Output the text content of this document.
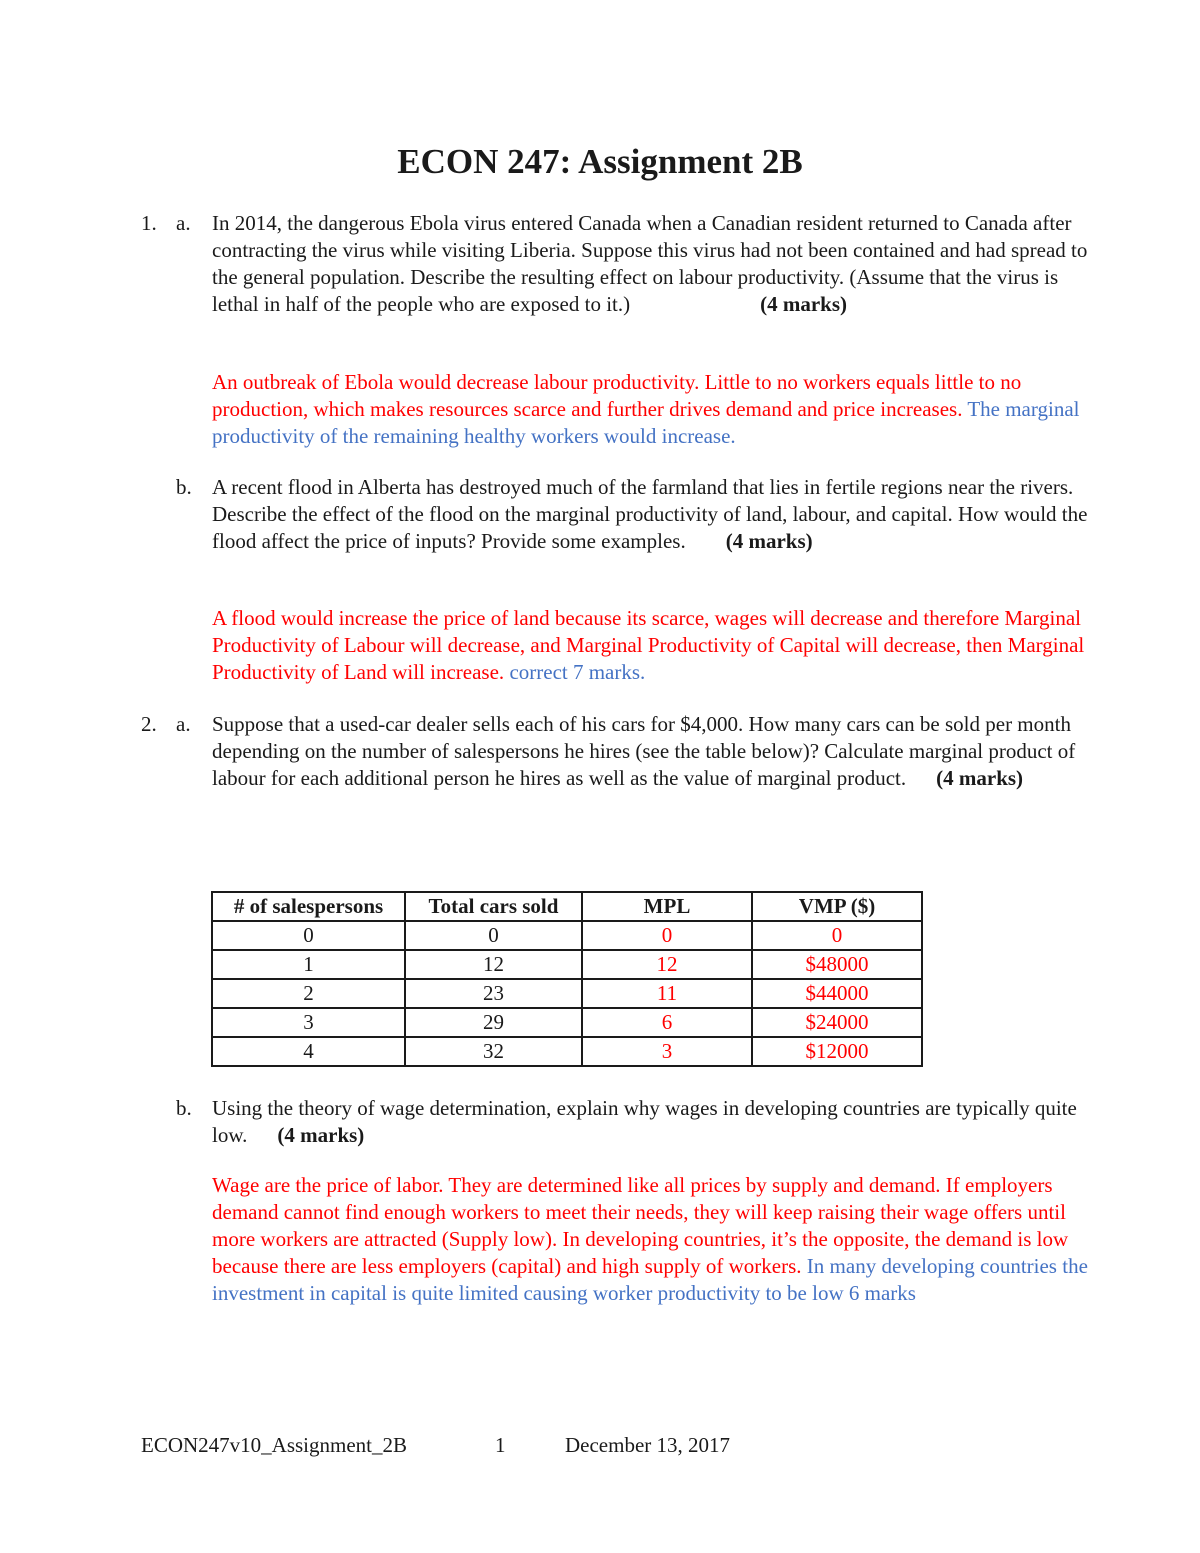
ECON 247: Assignment 2B
1. a. In 2014, the dangerous Ebola virus entered Canada when a Canadian resident returned to Canada after contracting the virus while visiting Liberia. Suppose this virus had not been contained and had spread to the general population. Describe the resulting effect on labour productivity. (Assume that the virus is lethal in half of the people who are exposed to it.)	(4 marks)
An outbreak of Ebola would decrease labour productivity. Little to no workers equals little to no production, which makes resources scarce and further drives demand and price increases. The marginal productivity of the remaining healthy workers would increase.
b. A recent flood in Alberta has destroyed much of the farmland that lies in fertile regions near the rivers. Describe the effect of the flood on the marginal productivity of land, labour, and capital. How would the flood affect the price of inputs? Provide some examples. (4 marks)
A flood would increase the price of land because its scarce, wages will decrease and therefore Marginal Productivity of Labour will decrease, and Marginal Productivity of Capital will decrease, then Marginal Productivity of Land will increase. correct 7 marks.
2. a. Suppose that a used-car dealer sells each of his cars for $4,000. How many cars can be sold per month depending on the number of salespersons he hires (see the table below)? Calculate marginal product of labour for each additional person he hires as well as the value of marginal product. (4 marks)
# of salespersons	Total cars sold	MPL	VMP ($)
0	0	0	0
1	12	12	$48000
2	23	11	$44000
3	29	6	$24000
4	32	3	$12000
b. Using the theory of wage determination, explain why wages in developing countries are typically quite low. (4 marks)
Wage are the price of labor. They are determined like all prices by supply and demand. If employers demand cannot find enough workers to meet their needs, they will keep raising their wage offers until more workers are attracted (Supply low). In developing countries, it’s the opposite, the demand is low because there are less employers (capital) and high supply of workers. In many developing countries the investment in capital is quite limited causing worker productivity to be low 6 marks
ECON247v10_Assignment_2B	1	December 13, 2017
